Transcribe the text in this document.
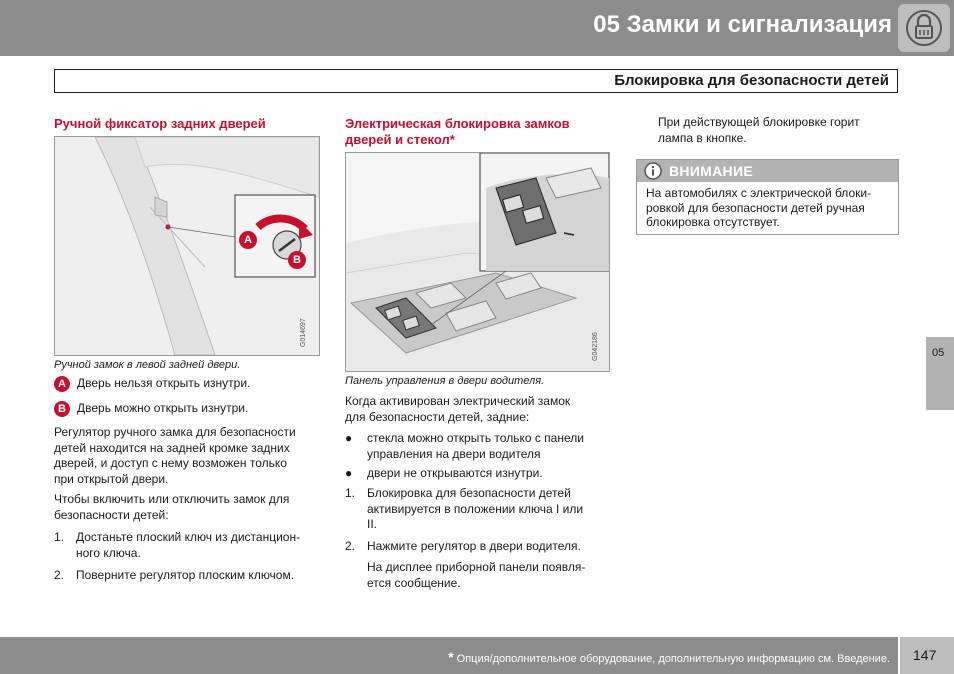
05 Замки и сигнализация
Блокировка для безопасности детей
Ручной фиксатор задних дверей
A
B
G014697
Ручной замок в левой задней двери.
A Дверь нельзя открыть изнутри.
B Дверь можно открыть изнутри.
Регулятор ручного замка для безопасности
детей находится на задней кромке задних
дверей, и доступ с нему возможен только
при открытой двери.
Чтобы включить или отключить замок для
безопасности детей:
1. Достаньте плоский ключ из дистанцион-
ного ключа.
2. Поверните регулятор плоским ключом.
Электрическая блокировка замков
дверей и стекол*
G042186
Панель управления в двери водителя.
Когда активирован электрический замок
для безопасности детей, задние:
● стекла можно открыть только с панели
управления на двери водителя
● двери не открываются изнутри.
1. Блокировка для безопасности детей
активируется в положении ключа I или
II.
2. Нажмите регулятор в двери водителя.
На дисплее приборной панели появля-
ется сообщение.
При действующей блокировке горит
лампа в кнопке.
ВНИМАНИЕ
На автомобилях с электрической блоки-
ровкой для безопасности детей ручная
блокировка отсутствует.
05
* Опция/дополнительное оборудование, дополнительную информацию см. Введение. 147
